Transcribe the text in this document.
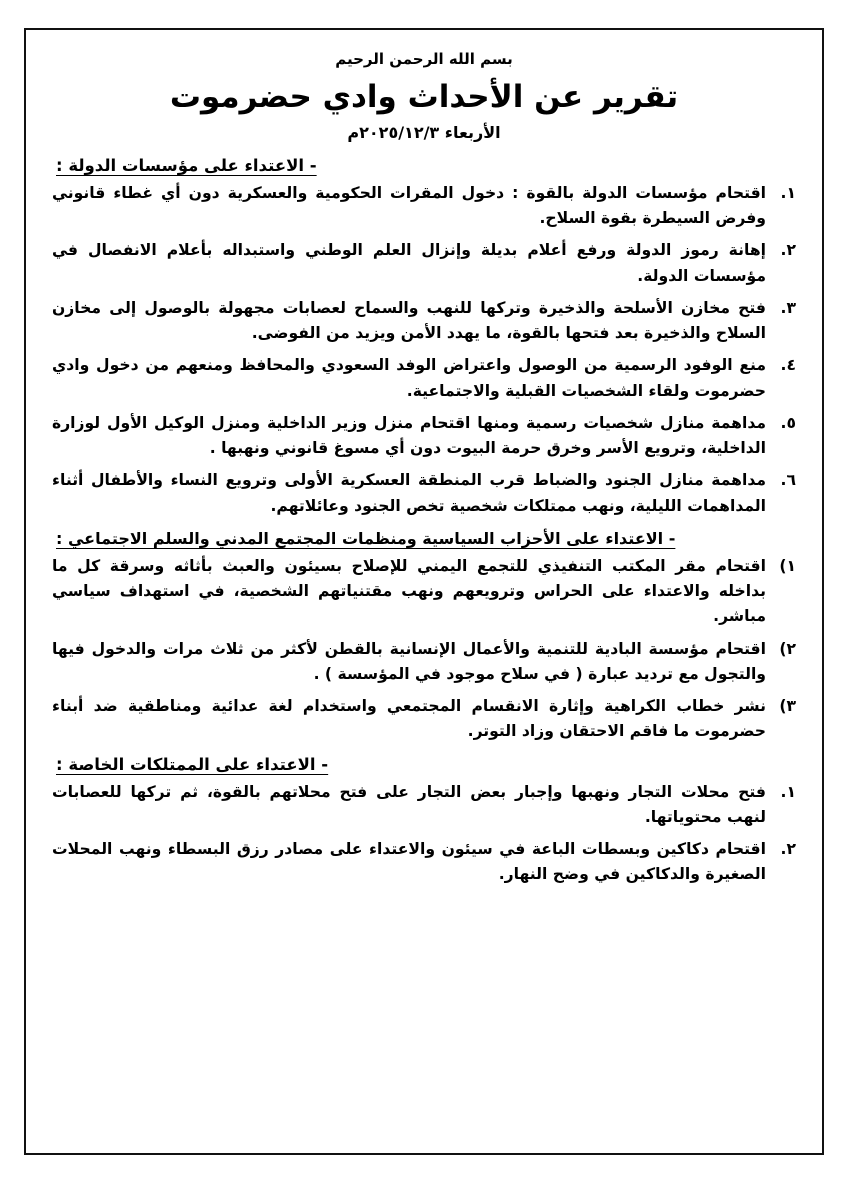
بسم الله الرحمن الرحيم
تقرير عن الأحداث وادي حضرموت
الأربعاء ٢٠٢٥/١٢/٣م
- الاعتداء على مؤسسات الدولة :
١.
اقتحام مؤسسات الدولة بالقوة : دخول المقرات الحكومية والعسكرية دون أي غطاء قانوني وفرض السيطرة بقوة السلاح.
٢.
إهانة رموز الدولة ورفع أعلام بديلة وإنزال العلم الوطني واستبداله بأعلام الانفصال في مؤسسات الدولة.
٣.
فتح مخازن الأسلحة والذخيرة وتركها للنهب والسماح لعصابات مجهولة بالوصول إلى مخازن السلاح والذخيرة بعد فتحها بالقوة، ما يهدد الأمن ويزيد من الفوضى.
٤.
منع الوفود الرسمية من الوصول واعتراض الوفد السعودي والمحافظ ومنعهم من دخول وادي حضرموت ولقاء الشخصيات القبلية والاجتماعية.
٥.
مداهمة منازل شخصيات رسمية ومنها اقتحام منزل وزير الداخلية ومنزل الوكيل الأول لوزارة الداخلية، وترويع الأسر وخرق حرمة البيوت دون أي مسوغ قانوني ونهبها .
٦.
مداهمة منازل الجنود والضباط قرب المنطقة العسكرية الأولى وترويع النساء والأطفال أثناء المداهمات الليلية، ونهب ممتلكات شخصية تخص الجنود وعائلاتهم.
- الاعتداء على الأحزاب السياسية ومنظمات المجتمع المدني والسلم الاجتماعي :
١)
اقتحام مقر المكتب التنفيذي للتجمع اليمني للإصلاح بسيئون والعبث بأثاثه وسرقة كل ما بداخله والاعتداء على الحراس وترويعهم ونهب مقتنياتهم الشخصية، في استهداف سياسي مباشر.
٢)
اقتحام مؤسسة البادية للتنمية والأعمال الإنسانية بالقطن لأكثر من ثلاث مرات والدخول فيها والتجول مع ترديد عبارة ( في سلاح موجود في المؤسسة ) .
٣)
نشر خطاب الكراهية وإثارة الانقسام المجتمعي واستخدام لغة عدائية ومناطقية ضد أبناء حضرموت ما فاقم الاحتقان وزاد التوتر.
- الاعتداء على الممتلكات الخاصة :
١.
فتح محلات التجار ونهبها وإجبار بعض التجار على فتح محلاتهم بالقوة، ثم تركها للعصابات لنهب محتوياتها.
٢.
اقتحام دكاكين وبسطات الباعة في سيئون والاعتداء على مصادر رزق البسطاء ونهب المحلات الصغيرة والدكاكين في وضح النهار.
